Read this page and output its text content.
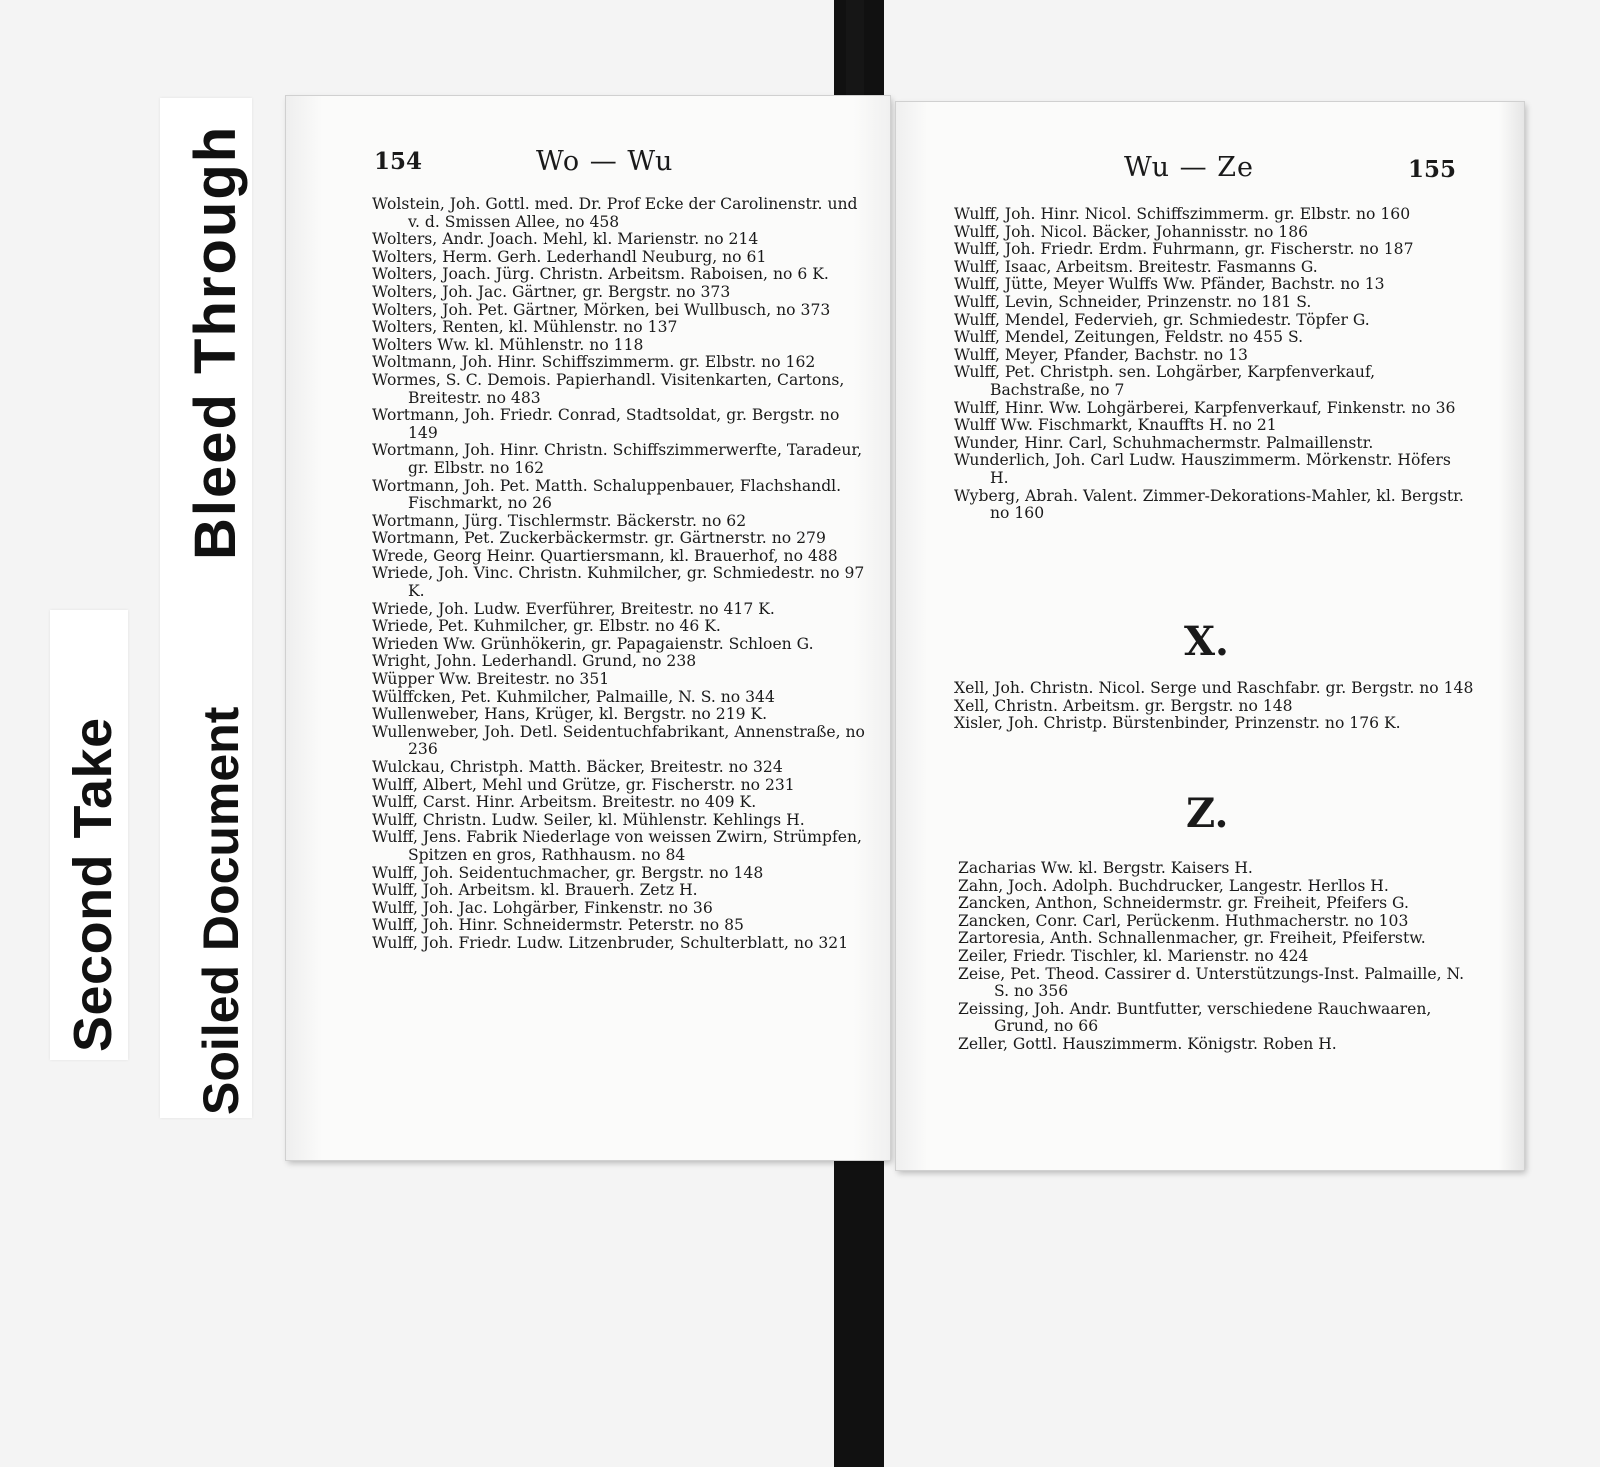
Second Take Soiled Document
Bleed Through	154	Wo — Wu

Wolstein, Joh. Gottl. med. Dr. Prof Ecke der Carolinenstr. und v. d. Smissen Allee, no 458

Wolters, Andr. Joach. Mehl, kl. Marienstr. no 214

Wolters, Herm. Gerh. Lederhandl Neuburg, no 61

Wolters, Joach. Jürg. Christn. Arbeitsm. Raboisen, no 6 K.

Wolters, Joh. Jac. Gärtner, gr. Bergstr. no 373

Wolters, Joh. Pet. Gärtner, Mörken, bei Wullbusch, no 373

Wolters, Renten, kl. Mühlenstr. no 137

Wolters Ww. kl. Mühlenstr. no 118

Woltmann, Joh. Hinr. Schiffszimmerm. gr. Elbstr. no 162

Wormes, S. C. Demois. Papierhandl. Visitenkarten, Cartons, Breitestr. no 483

Wortmann, Joh. Friedr. Conrad, Stadtsoldat, gr. Bergstr. no 149

Wortmann, Joh. Hinr. Christn. Schiffszimmerwerfte, Taradeur, gr. Elbstr. no 162

Wortmann, Joh. Pet. Matth. Schaluppenbauer, Flachshandl. Fischmarkt, no 26

Wortmann, Jürg. Tischlermstr. Bäckerstr. no 62

Wortmann, Pet. Zuckerbäckermstr. gr. Gärtnerstr. no 279

Wrede, Georg Heinr. Quartiersmann, kl. Brauerhof, no 488

Wriede, Joh. Vinc. Christn. Kuhmilcher, gr. Schmiedestr. no 97 K.

Wriede, Joh. Ludw. Everführer, Breitestr. no 417 K.

Wriede, Pet. Kuhmilcher, gr. Elbstr. no 46 K.

Wrieden Ww. Grünhökerin, gr. Papagaienstr. Schloen G.

Wright, John. Lederhandl. Grund, no 238

Wüpper Ww. Breitestr. no 351

Wülffcken, Pet. Kuhmilcher, Palmaille, N. S. no 344

Wullenweber, Hans, Krüger, kl. Bergstr. no 219 K.

Wullenweber, Joh. Detl. Seidentuchfabrikant, Annenstraße, no 236

Wulckau, Christph. Matth. Bäcker, Breitestr. no 324

Wulff, Albert, Mehl und Grütze, gr. Fischerstr. no 231

Wulff, Carst. Hinr. Arbeitsm. Breitestr. no 409 K.

Wulff, Christn. Ludw. Seiler, kl. Mühlenstr. Kehlings H.

Wulff, Jens. Fabrik Niederlage von weissen Zwirn, Strümpfen, Spitzen en gros, Rathhausm. no 84

Wulff, Joh. Seidentuchmacher, gr. Bergstr. no 148

Wulff, Joh. Arbeitsm. kl. Brauerh. Zetz H.

Wulff, Joh. Jac. Lohgärber, Finkenstr. no 36

Wulff, Joh. Hinr. Schneidermstr. Peterstr. no 85

Wulff, Joh. Friedr. Ludw. Litzenbruder, Schulterblatt, no 321

155
Wu — Ze

Wulff, Joh. Hinr. Nicol. Schiffszimmerm. gr. Elbstr. no 160

Wulff, Joh. Nicol. Bäcker, Johannisstr. no 186

Wulff, Joh. Friedr. Erdm. Fuhrmann, gr. Fischerstr. no 187

Wulff, Isaac, Arbeitsm. Breitestr. Fasmanns G.

Wulff, Jütte, Meyer Wulffs Ww. Pfänder, Bachstr. no 13

Wulff, Levin, Schneider, Prinzenstr. no 181 S.

Wulff, Mendel, Federvieh, gr. Schmiedestr. Töpfer G.

Wulff, Mendel, Zeitungen, Feldstr. no 455 S.

Wulff, Meyer, Pfander, Bachstr. no 13

Wulff, Pet. Christph. sen. Lohgärber, Karpfenverkauf, Bachstraße, no 7

Wulff, Hinr. Ww. Lohgärberei, Karpfenverkauf, Finkenstr. no 36

Wulff Ww. Fischmarkt, Knauffts H. no 21

Wunder, Hinr. Carl, Schuhmachermstr. Palmaillenstr.

Wunderlich, Joh. Carl Ludw. Hauszimmerm. Mörkenstr. Höfers H.

Wyberg, Abrah. Valent. Zimmer-Dekorations-Mahler, kl. Bergstr. no 160

X.

Xell, Joh. Christn. Nicol. Serge und Raschfabr. gr. Bergstr. no 148

Xell, Christn. Arbeitsm. gr. Bergstr. no 148

Xisler, Joh. Christp. Bürstenbinder, Prinzenstr. no 176 K.

Z.

Zacharias Ww. kl. Bergstr. Kaisers H.

Zahn, Joch. Adolph. Buchdrucker, Langestr. Herllos H.

Zancken, Anthon, Schneidermstr. gr. Freiheit, Pfeifers G.

Zancken, Conr. Carl, Perückenm. Huthmacherstr. no 103

Zartoresia, Anth. Schnallenmacher, gr. Freiheit, Pfeiferstw.

Zeiler, Friedr. Tischler, kl. Marienstr. no 424

Zeise, Pet. Theod. Cassirer d. Unterstützungs-Inst. Palmaille, N. S. no 356

Zeissing, Joh. Andr. Buntfutter, verschiedene Rauchwaaren, Grund, no 66

Zeller, Gottl. Hauszimmerm. Königstr. Roben H.
